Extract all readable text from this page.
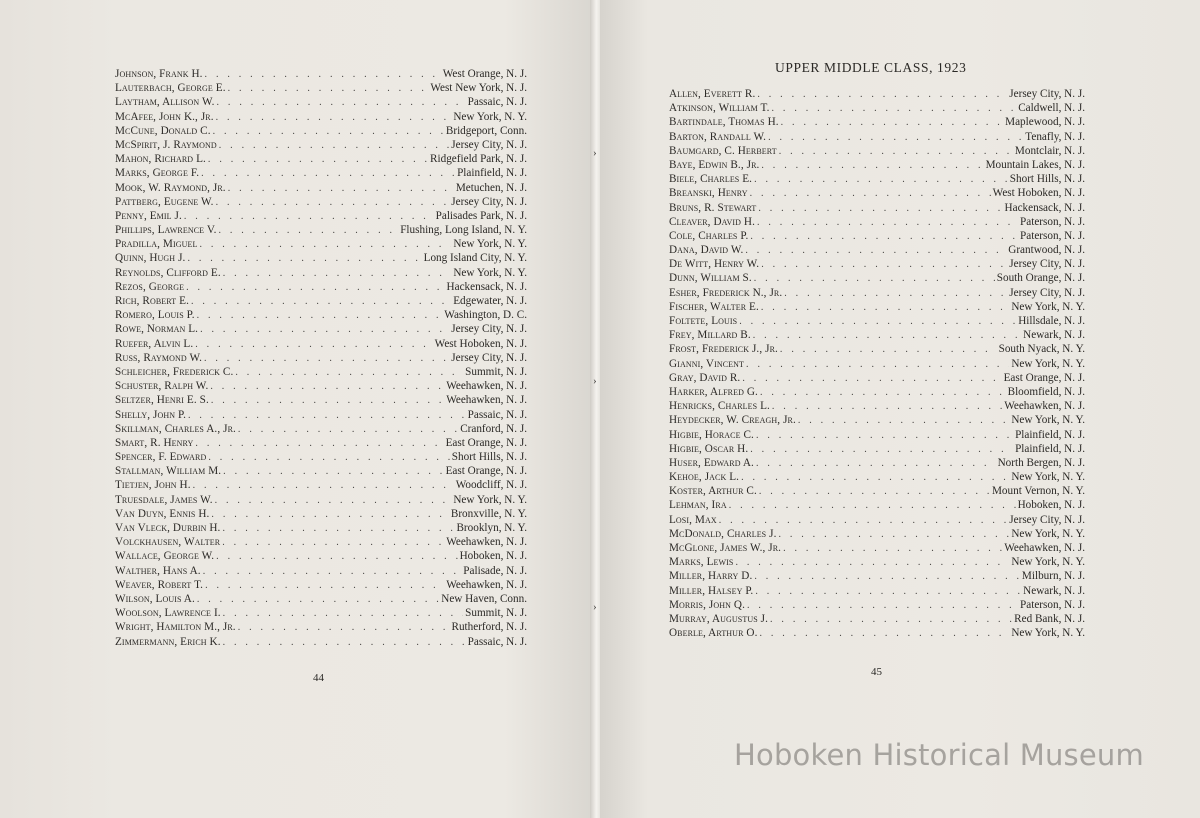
Johnson, Frank H. . . .	West Orange, N. J.
Lauterbach, George E. . . .	West New York, N. J.
Laytham, Allison W. . . .	Passaic, N. J.
McAfee, John K., Jr. . . .	New York, N. Y.
McCune, Donald C. . . .	Bridgeport, Conn.
McSpirit, J. Raymond . . .	Jersey City, N. J.
Mahon, Richard L. . . .	Ridgefield Park, N. J.
Marks, George F. . . .	Plainfield, N. J.
Mook, W. Raymond, Jr. . . .	Metuchen, N. J.
Pattberg, Eugene W. . . .	Jersey City, N. J.
Penny, Emil J. . . .	Palisades Park, N. J.
Phillips, Lawrence V. . . .	Flushing, Long Island, N. Y.
Pradilla, Miguel . . .	New York, N. Y.
Quinn, Hugh J. . . .	Long Island City, N. Y.
Reynolds, Clifford E. . . .	New York, N. Y.
Rezos, George . . .	Hackensack, N. J.
Rich, Robert E. . . .	Edgewater, N. J.
Romero, Louis P. . . .	Washington, D. C.
Rowe, Norman L. . . .	Jersey City, N. J.
Ruefer, Alvin L. . . .	West Hoboken, N. J.
Russ, Raymond W. . . .	Jersey City, N. J.
Schleicher, Frederick C. . . .	Summit, N. J.
Schuster, Ralph W. . . .	Weehawken, N. J.
Seltzer, Henri E. S. . . .	Weehawken, N. J.
Shelly, John P. . . .	Passaic, N. J.
Skillman, Charles A., Jr. . . .	Cranford, N. J.
Smart, R. Henry . . .	East Orange, N. J.
Spencer, F. Edward . . .	Short Hills, N. J.
Stallman, William M. . . .	East Orange, N. J.
Tietjen, John H. . . .	Woodcliff, N. J.
Truesdale, James W. . . .	New York, N. Y.
Van Duyn, Ennis H. . . .	Bronxville, N. Y.
Van Vleck, Durbin H. . . .	Brooklyn, N. Y.
Volckhausen, Walter . . .	Weehawken, N. J.
Wallace, George W. . . .	Hoboken, N. J.
Walther, Hans A. . . .	Palisade, N. J.
Weaver, Robert T. . . .	Weehawken, N. J.
Wilson, Louis A. . . .	New Haven, Conn.
Woolson, Lawrence I. . . .	Summit, N. J.
Wright, Hamilton M., Jr. . . .	Rutherford, N. J.
Zimmermann, Erich K. . . .	Passaic, N. J.
44
›
›
›
UPPER MIDDLE CLASS, 1923
Allen, Everett R. . . .	Jersey City, N. J.
Atkinson, William T. . . .	Caldwell, N. J.
Bartindale, Thomas H. . . .	Maplewood, N. J.
Barton, Randall W. . . .	Tenafly, N. J.
Baumgard, C. Herbert . . .	Montclair, N. J.
Baye, Edwin B., Jr. . . .	Mountain Lakes, N. J.
Biele, Charles E. . . .	Short Hills, N. J.
Breanski, Henry . . .	West Hoboken, N. J.
Bruns, R. Stewart . . .	Hackensack, N. J.
Cleaver, David H. . . .	Paterson, N. J.
Cole, Charles P. . . .	Paterson, N. J.
Dana, David W. . . .	Grantwood, N. J.
De Witt, Henry W. . . .	Jersey City, N. J.
Dunn, William S. . . .	South Orange, N. J.
Esher, Frederick N., Jr. . . .	Jersey City, N. J.
Fischer, Walter E. . . .	New York, N. Y.
Foltete, Louis . . .	Hillsdale, N. J.
Frey, Millard B. . . .	Newark, N. J.
Frost, Frederick J., Jr. . . .	South Nyack, N. Y.
Gianni, Vincent . . .	New York, N. Y.
Gray, David R. . . .	East Orange, N. J.
Harker, Alfred G. . . .	Bloomfield, N. J.
Henricks, Charles L. . . .	Weehawken, N. J.
Heydecker, W. Creagh, Jr. . . .	New York, N. Y.
Higbie, Horace C. . . .	Plainfield, N. J.
Higbie, Oscar H. . . .	Plainfield, N. J.
Huser, Edward A. . . .	North Bergen, N. J.
Kehoe, Jack L. . . .	New York, N. Y.
Koster, Arthur C. . . .	Mount Vernon, N. Y.
Lehman, Ira . . .	Hoboken, N. J.
Losi, Max . . .	Jersey City, N. J.
McDonald, Charles J. . . .	New York, N. Y.
McGlone, James W., Jr. . . .	Weehawken, N. J.
Marks, Lewis . . .	New York, N. Y.
Miller, Harry D. . . .	Milburn, N. J.
Miller, Halsey P. . . .	Newark, N. J.
Morris, John Q. . . .	Paterson, N. J.
Murray, Augustus J. . . .	Red Bank, N. J.
Oberle, Arthur O. . . .	New York, N. Y.
45
Hoboken Historical Museum
